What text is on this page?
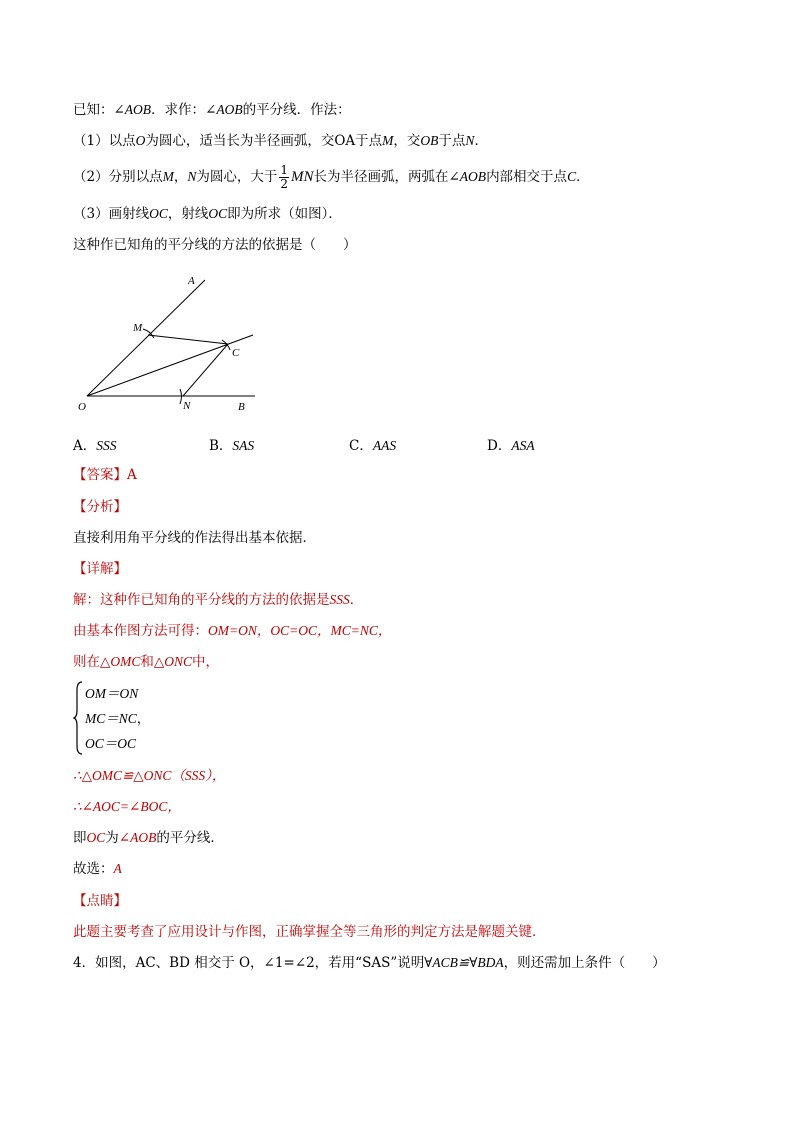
已知：∠AOB．求作：∠AOB的平分线．作法：
（1）以点O为圆心，适当长为半径画弧，交OA于点M，交OB于点N．
（2）分别以点M，N为圆心，大于 $\frac{1}{2}$ MN长为半径画弧，两弧在∠AOB内部相交于点C．
（3）画射线OC，射线OC即为所求（如图）．
这种作已知角的平分线的方法的依据是（　　）
A
M
C
O	N	B
A．SSS	B．SAS	C．AAS	D．ASA
【答案】A
【分析】
直接利用角平分线的作法得出基本依据．
【详解】
解：这种作已知角的平分线的方法的依据是SSS．
由基本作图方法可得：OM=ON，OC=OC，MC=NC，
则在△OMC和△ONC中，
OM＝ON
MC＝NC，
OC＝OC
∴△OMC≌△ONC（SSS），
∴∠AOC=∠BOC，
即OC为∠AOB的平分线．
故选：A
【点睛】
此题主要考查了应用设计与作图，正确掌握全等三角形的判定方法是解题关键．
4．如图，AC、BD 相交于 O，∠1=∠2，若用“SAS”说明∀ACB≌∀BDA，则还需加上条件（　　）
